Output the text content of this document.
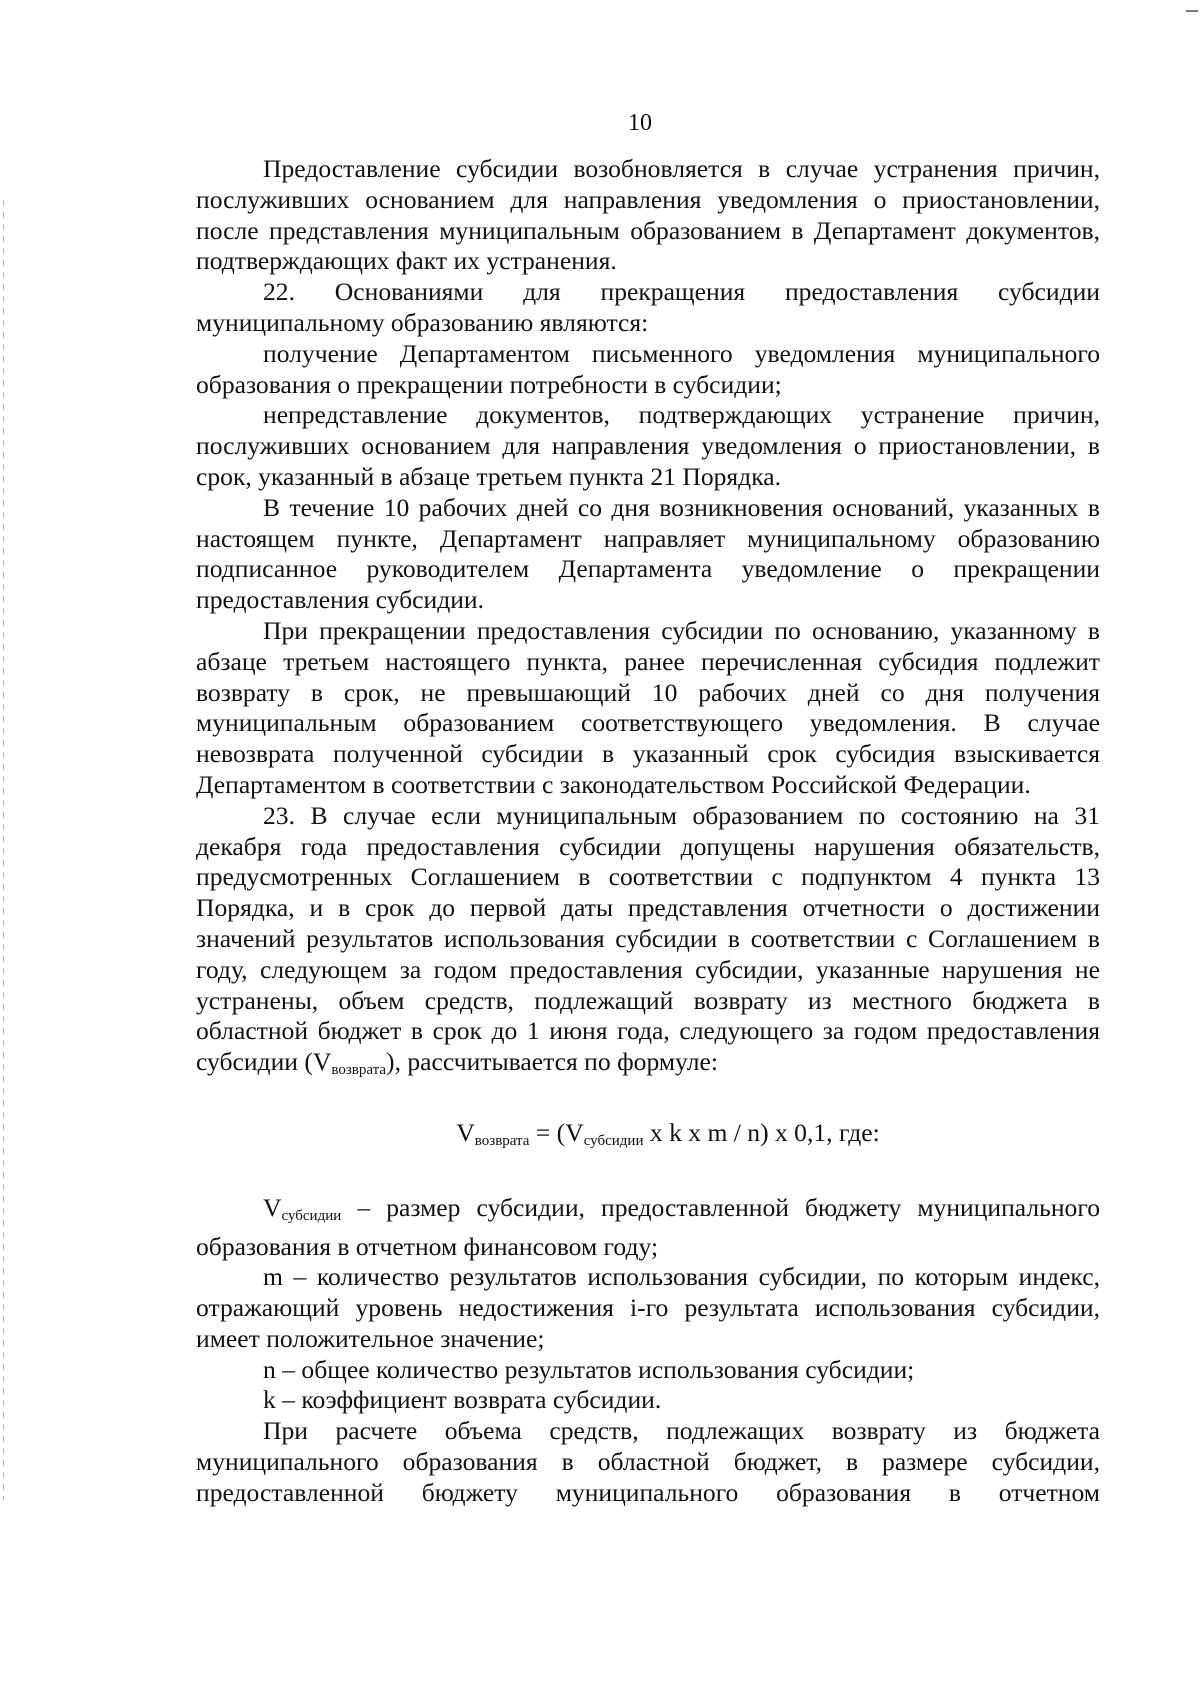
10

Предоставление субсидии возобновляется в случае устранения причин, послуживших основанием для направления уведомления о приостановлении, после представления муниципальным образованием в Департамент документов, подтверждающих факт их устранения.

22. Основаниями для прекращения предоставления субсидии муниципальному образованию являются:

получение Департаментом письменного уведомления муниципального образования о прекращении потребности в субсидии;

непредставление документов, подтверждающих устранение причин, послуживших основанием для направления уведомления о приостановлении, в срок, указанный в абзаце третьем пункта 21 Порядка.

В течение 10 рабочих дней со дня возникновения оснований, указанных в настоящем пункте, Департамент направляет муниципальному образованию подписанное руководителем Департамента уведомление о прекращении предоставления субсидии.

При прекращении предоставления субсидии по основанию, указанному в абзаце третьем настоящего пункта, ранее перечисленная субсидия подлежит возврату в срок, не превышающий 10 рабочих дней со дня получения муниципальным образованием соответствующего уведомления. В случае невозврата полученной субсидии в указанный срок субсидия взыскивается Департаментом в соответствии с законодательством Российской Федерации.

23. В случае если муниципальным образованием по состоянию на 31 декабря года предоставления субсидии допущены нарушения обязательств, предусмотренных Соглашением в соответствии с подпунктом 4 пункта 13 Порядка, и в срок до первой даты представления отчетности о достижении значений результатов использования субсидии в соответствии с Соглашением в году, следующем за годом предоставления субсидии, указанные нарушения не устранены, объем средств, подлежащий возврату из местного бюджета в областной бюджет в срок до 1 июня года, следующего за годом предоставления субсидии $(V_{возврата})$, рассчитывается по формуле:

$V_{возврата} = (V_{субсидии}$ x k x m / n) x 0,1, где:

$V_{субсидии}$ – размер субсидии, предоставленной бюджету муниципального образования в отчетном финансовом году;

m – количество результатов использования субсидии, по которым индекс, отражающий уровень недостижения i-го результата использования субсидии, имеет положительное значение;

n – общее количество результатов использования субсидии;

k – коэффициент возврата субсидии.

При расчете объема средств, подлежащих возврату из бюджета муниципального образования в областной бюджет, в размере субсидии, предоставленной бюджету муниципального образования в отчетном
